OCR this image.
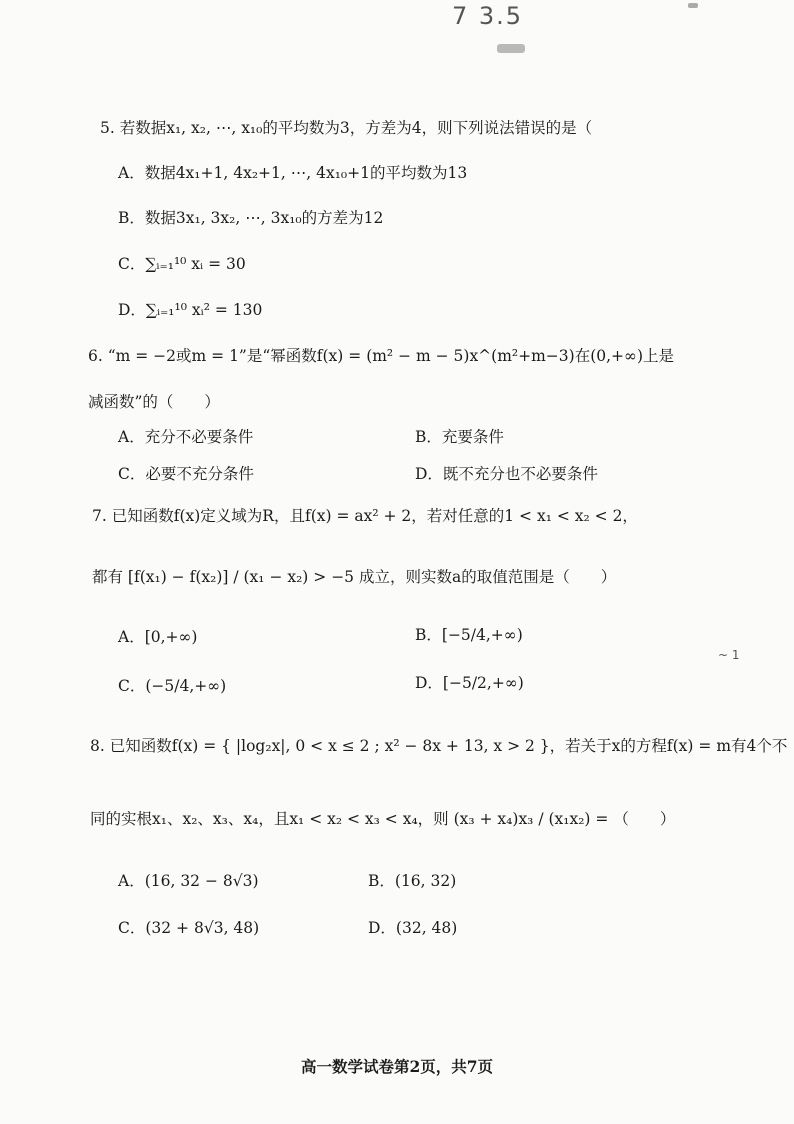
7 3.5
~ 1
5. 若数据x₁, x₂, ⋯, x₁₀的平均数为3，方差为4，则下列说法错误的是（
A．数据4x₁+1, 4x₂+1, ⋯, 4x₁₀+1的平均数为13
B．数据3x₁, 3x₂, ⋯, 3x₁₀的方差为12
C．∑ᵢ₌₁¹⁰ xᵢ = 30
D．∑ᵢ₌₁¹⁰ xᵢ² = 130
6. “m = −2或m = 1”是“幂函数f(x) = (m² − m − 5)x^(m²+m−3)在(0,+∞)上是
减函数”的（　　）
A．充分不必要条件	B．充要条件
C．必要不充分条件	D．既不充分也不必要条件
7. 已知函数f(x)定义域为R，且f(x) = ax² + 2，若对任意的1 < x₁ < x₂ < 2，
都有 [f(x₁) − f(x₂)] / (x₁ − x₂) > −5 成立，则实数a的取值范围是（　　）
A．[0,+∞)	B．[−5/4,+∞)
C．(−5/4,+∞)	D．[−5/2,+∞)
8. 已知函数f(x) = { |log₂x|, 0 < x ≤ 2 ; x² − 8x + 13, x > 2 }，若关于x的方程f(x) = m有4个不
同的实根x₁、x₂、x₃、x₄，且x₁ < x₂ < x₃ < x₄，则 (x₃ + x₄)x₃ / (x₁x₂) = （　　）
A．(16, 32 − 8√3)	B．(16, 32)
C．(32 + 8√3, 48)	D．(32, 48)
高一数学试卷第2页，共7页
